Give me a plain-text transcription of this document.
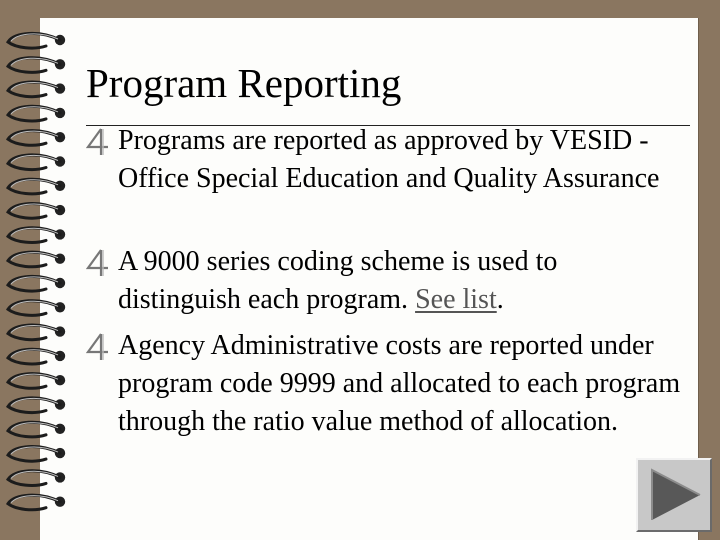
Program Reporting
Programs are reported as approved by VESID - Office Special Education and Quality Assurance
A 9000 series coding scheme is used to distinguish each program. See list.
Agency Administrative costs are reported under program code 9999 and allocated to each program through the ratio value method of allocation.
